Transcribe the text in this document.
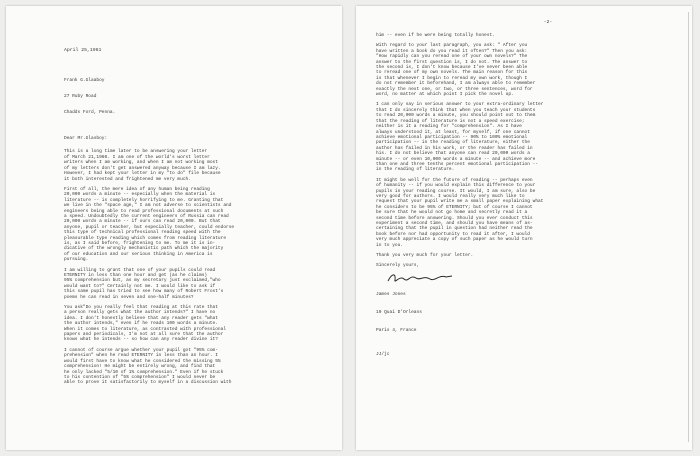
April 25,1961

Frank G.Glaaboy

27 Ruby Road

Chadds Ford, Penna.

Dear Mr.Glasboy:
This is a long time later to be answering your letter
of March 21,1960. I am one of the world's worst letter
writers when I am working, and when I am not working most
of my letters don't get answered anyway because I am lazy.
However, I had kept your letter in my "to do" file because
it both interested and frightened me very much.
First of all, the mere idea of any human being reading
20,000 words a minute -- especially when the material is
literature -- is completely horrifying to me. Granting that
we live in the "space age," I am not adverse to scientists and
engineers being able to read professional documents at such
a speed. Undoubtedly the current engineers of Russia can read
20,000 words a minute -- if ours can read 20,000. But that
anyone, pupil or teacher, but especially teacher, could endorse
this type of technical professional reading speed with the
pleasurable type reading which comes from reading literature
is, as I said before, frightening to me. To me it is in-
dicative of the wrongly mechanistic path which the majority
of our education and our serious thinking in America is
pursuing.
I am willing to grant that one of your pupils could read
ETERNITY in less than one hour and get (as he claims)
95% comprehension but, as my secretary just exclaimed,"who
would want to?" Certainly not me. I would like to ask if
this same pupil has tried to see how many of Robert Frost's
poems he can read in seven and one-half minutes?
You ask"Do you really feel that reading at this rate that
a person really gets what the author intends?" I have no
idea. I don't honestly believe that any reader gets "what
the author intends," even if he reads 100 words a minute.
When it comes to literature, as contrasted with professional
papers and periodicals, I'm not at all sure that the author
knows what he intends -- so how can any reader divine it?
I cannot of course argue whether your pupil got "95% com-
prehension" when he read ETERNITY in less than an hour. I
would first have to know what he considered the missing 5%
comprehension! He might be entirely wrong, and find that
he only lacked "5/10 of 1% comprehension." Even if he stuck
to his contention of "5% comprehension" I would never be
able to prove it satisfactorily to myself in a discussion with
-2-
him -- even if he were being totally honest.
With regard to your last paragraph, you ask: " After you
have written a book do you read it often?" Then you ask:
"How rapidly can you reread one of your own novels?" The
answer to the first question is, I do not. The answer to
the second is, I don't know because I've never been able
to reread one of my own novels. The main reason for this
is that whenever I begin to reread my own work, though I
do not remember it beforehand, I am always able to remember
exactly the next one, or two, or three sentences, word for
word, no matter at which point I pick the novel up.
I can only say in serious answer to your extra-ordinary letter
that I do sincerely think that when you teach your students
to read 20,000 words a minute, you should point out to them
that the reading of literature is not a speed exercise;
neither is it a reading for "comprehension". As I have
always understood it, at least, for myself, if one cannot
achieve emotional participation -- 90% to 100% emotional
participation -- in the reading of literature, either the
author has failed in his work, or the reader has failed in
his. I do not believe that anyone can read 20,000 words a
minute -- or even 10,000 words a minute -- and achieve more
than one and three tenths percent emotional participation --
in the reading of literature.
It might be well for the future of reading -- perhaps even
of humanity -- if you would explain this difference to your
pupils in your reading course. It would, I am sure, also be
very good for authors. I would really very much like to
request that your pupil write me a small paper explaining what
he considers to be 95% of ETERNITY; but of course I cannot
be sure that he would not go home and secretly read it a
second time before answering. Should you ever conduct this
experiment a second time, and should you have means of as-
certaining that the pupil in question had neither read the
book before nor had opportunity to read it after, I would
very much appreciate a copy of such paper as he would turn
in to you.
Thank you very much for your letter.
Sincerely yours,
James Jones

10 Quai D'Orleans

Paris 4, France

JJ/jc
